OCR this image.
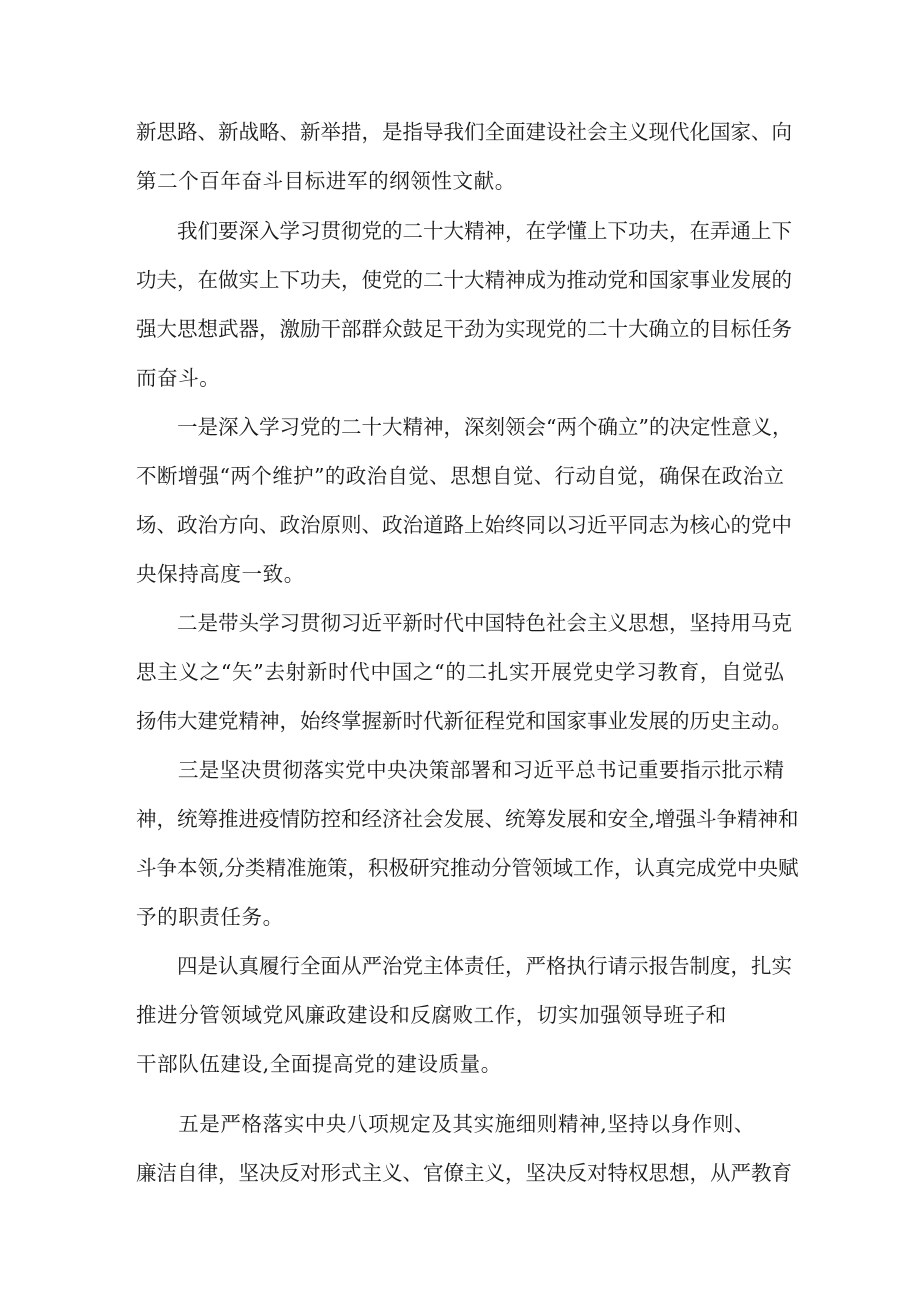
新思路、新战略、新举措，是指导我们全面建设社会主义现代化国家、向
第二个百年奋斗目标进军的纲领性文献。
　　我们要深入学习贯彻党的二十大精神，在学懂上下功夫，在弄通上下
功夫，在做实上下功夫，使党的二十大精神成为推动党和国家事业发展的
强大思想武器，激励干部群众鼓足干劲为实现党的二十大确立的目标任务
而奋斗。
　　一是深入学习党的二十大精神，深刻领会“两个确立”的决定性意义，
不断增强“两个维护”的政治自觉、思想自觉、行动自觉，确保在政治立
场、政治方向、政治原则、政治道路上始终同以习近平同志为核心的党中
央保持高度一致。
　　二是带头学习贯彻习近平新时代中国特色社会主义思想，坚持用马克
思主义之“矢”去射新时代中国之“的二扎实开展党史学习教育，自觉弘
扬伟大建党精神，始终掌握新时代新征程党和国家事业发展的历史主动。
　　三是坚决贯彻落实党中央决策部署和习近平总书记重要指示批示精
神，统筹推进疫情防控和经济社会发展、统筹发展和安全,增强斗争精神和
斗争本领,分类精准施策，积极研究推动分管领域工作，认真完成党中央赋
予的职责任务。
　　四是认真履行全面从严治党主体责任，严格执行请示报告制度，扎实
推进分管领域党风廉政建设和反腐败工作，切实加强领导班子和
干部队伍建设,全面提高党的建设质量。
　　五是严格落实中央八项规定及其实施细则精神,坚持以身作则、
廉洁自律，坚决反对形式主义、官僚主义，坚决反对特权思想，从严教育
